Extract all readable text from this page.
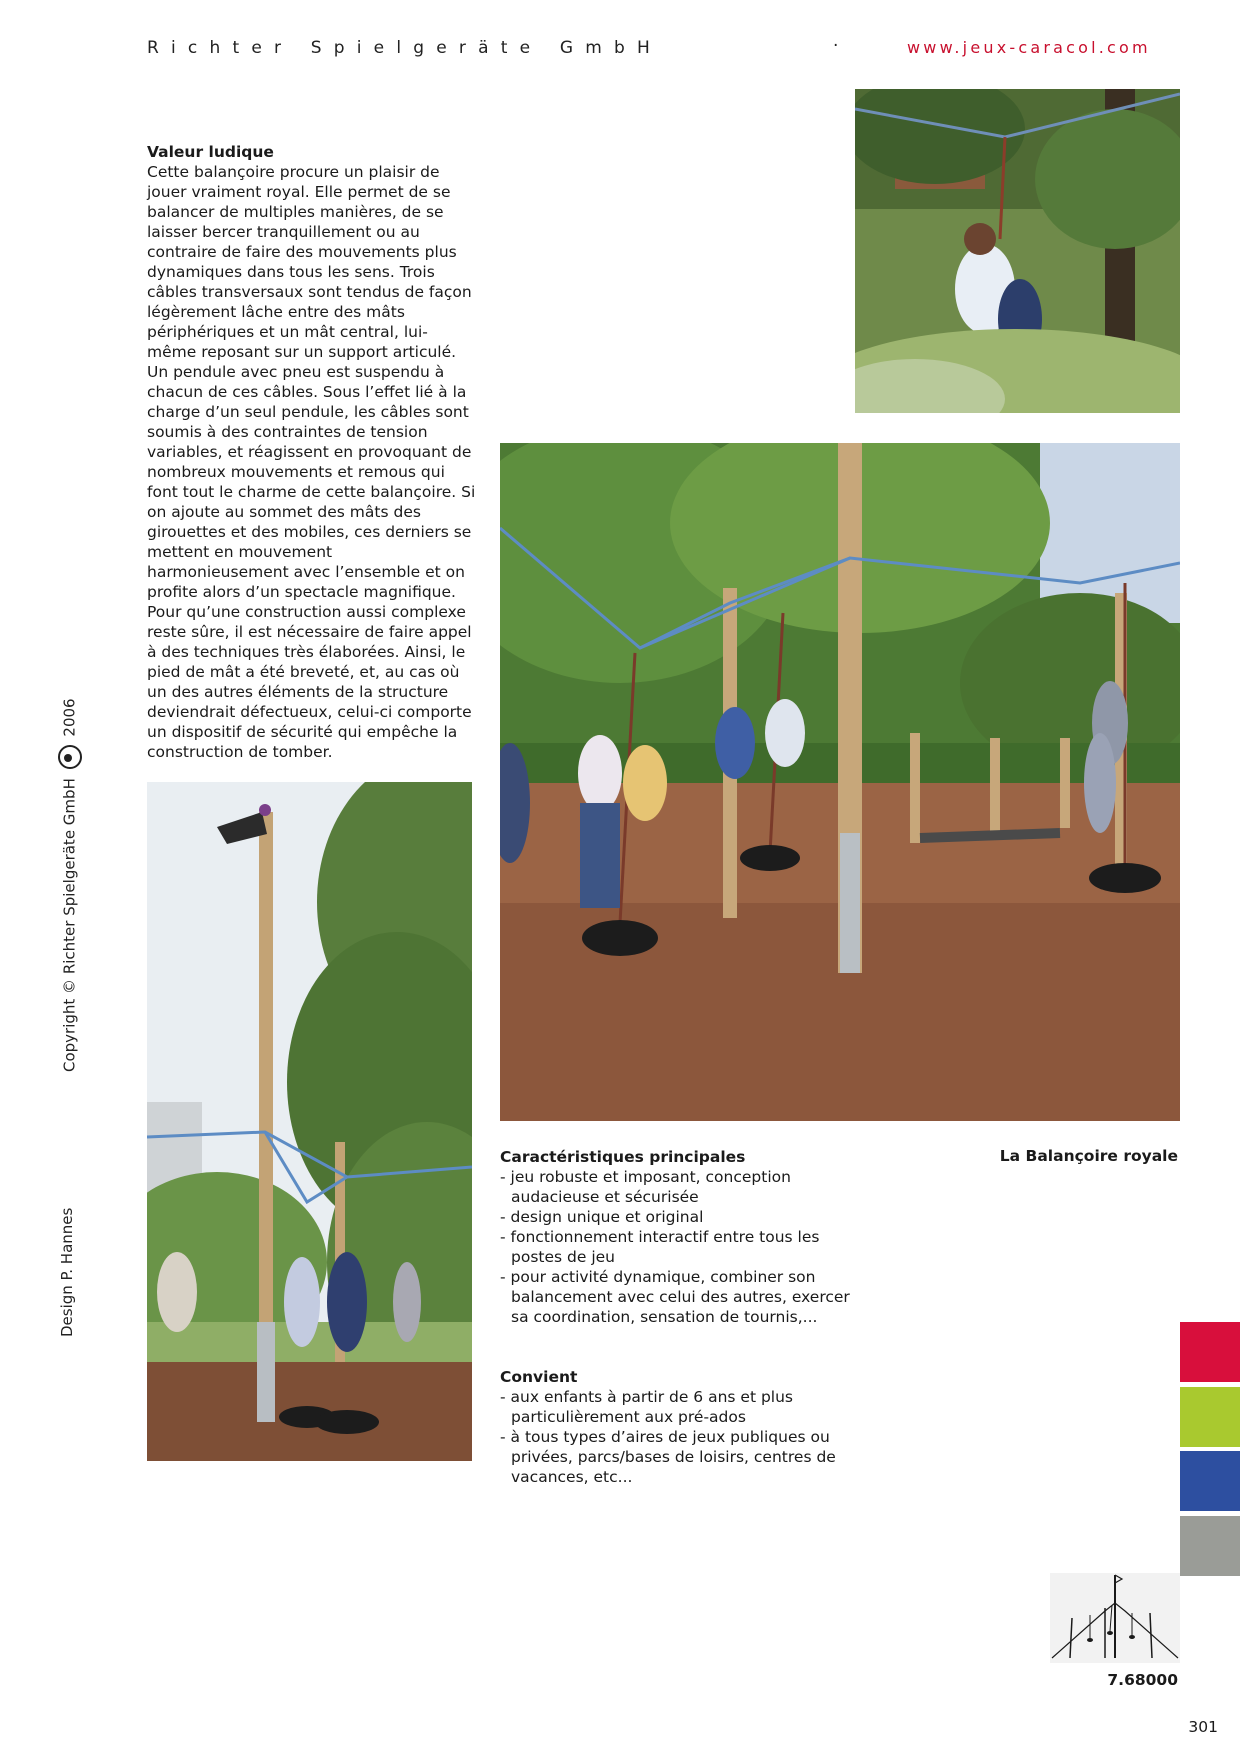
Richter Spielgeräte GmbH	·	www.jeux-caracol.com
Valeur ludique

Cette balançoire procure un plaisir de jouer vraiment royal. Elle permet de se balancer de multiples manières, de se laisser bercer tranquillement ou au contraire de faire des mouvements plus dynamiques dans tous les sens. Trois câbles transversaux sont tendus de façon légèrement lâche entre des mâts périphériques et un mât central, lui-même reposant sur un support articulé. Un pendule avec pneu est suspendu à chacun de ces câbles. Sous l’effet lié à la charge d’un seul pendule, les câbles sont soumis à des contraintes de tension variables, et réagissent en provoquant de nombreux mouvements et remous qui font tout le charme de cette balançoire. Si on ajoute au sommet des mâts des girouettes et des mobiles, ces derniers se mettent en mouvement harmonieusement avec l’ensemble et on profite alors d’un spectacle magnifique. Pour qu’une construction aussi complexe reste sûre, il est nécessaire de faire appel à des techniques très élaborées. Ainsi, le pied de mât a été breveté, et, au cas où un des autres éléments de la structure deviendrait défectueux, celui-ci comporte un dispositif de sécurité qui empêche la construction de tomber.

Caractéristiques principales
- jeu robuste et imposant, conception audacieuse et sécurisée
- design unique et original
- fonctionnement interactif entre tous les postes de jeu
- pour activité dynamique, combiner son balancement avec celui des autres, exercer sa coordination, sensation de tournis,...
Convient
- aux enfants à partir de 6 ans et plus particulièrement aux pré-ados
- à tous types d’aires de jeux publiques ou privées, parcs/bases de loisirs, centres de vacances, etc...
La Balançoire royale
Copyright © Richter Spielgeräte GmbH  2006
Design P. Hannes
7.68000
301
